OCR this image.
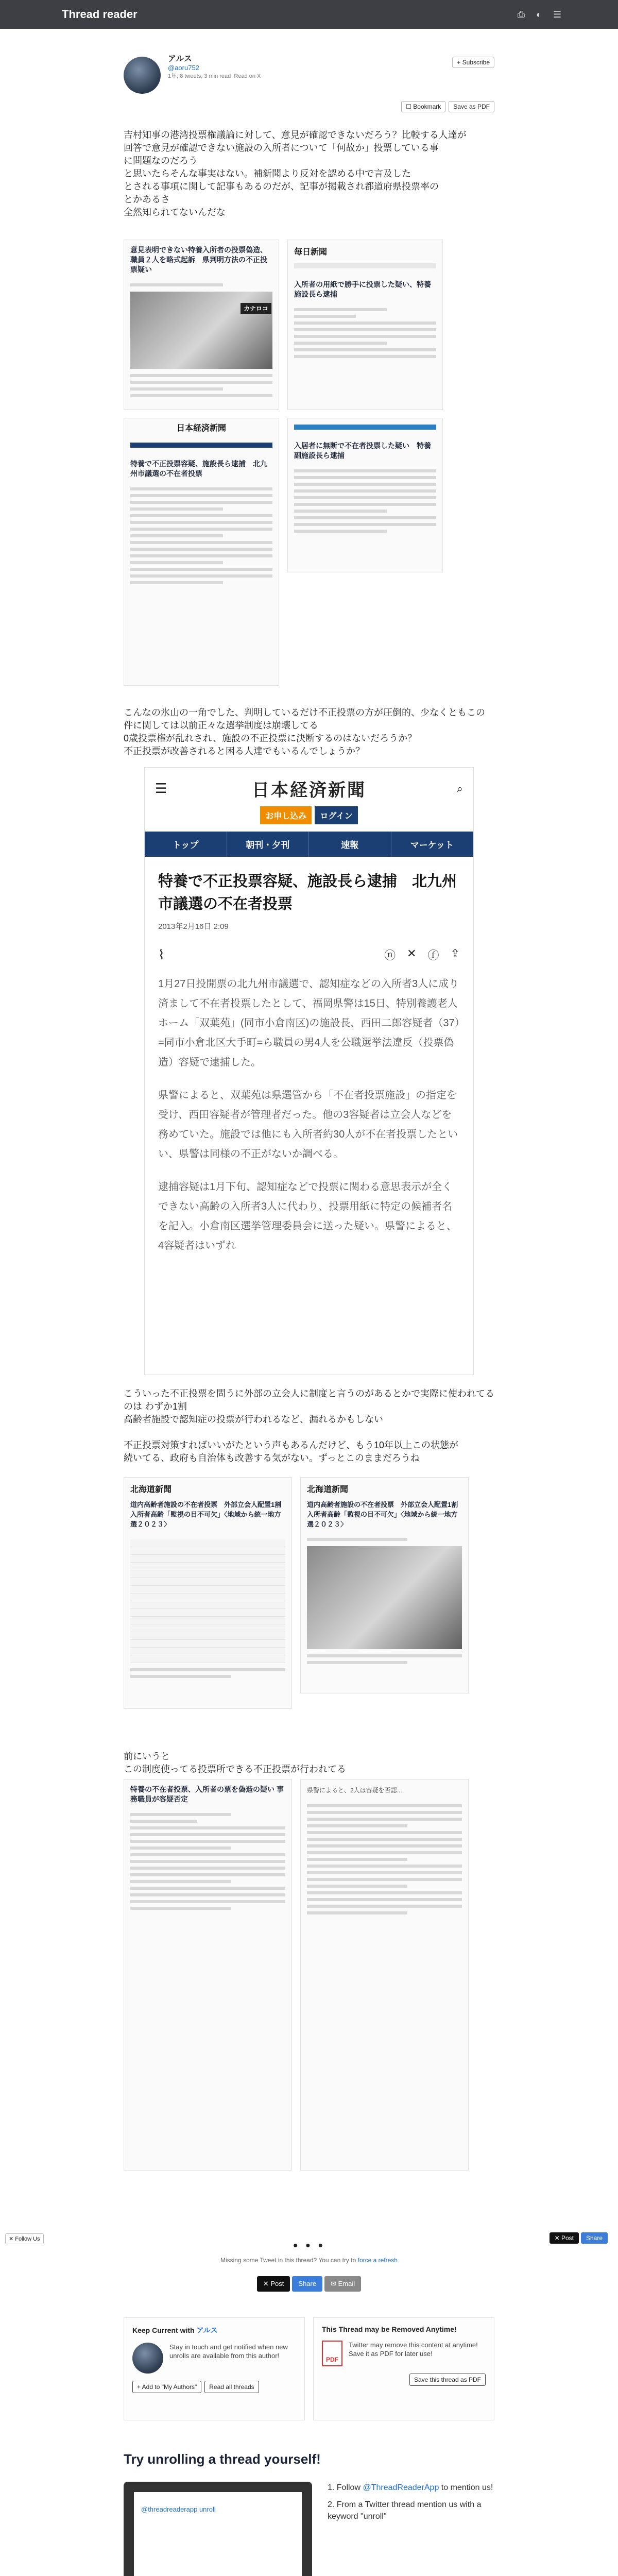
Thread reader	⎙ ◐ ☰
アルス
@aoru752
1年, 8 tweets, 3 min read Read on X
+ Subscribe
☐ Bookmark	Save as PDF
吉村知事の港湾投票権議論に対して、意見が確認できないだろう？比較する人達が
回答で意見が確認できない施設の入所者について「何故か」投票している事
に問題なのだろう
と思いたらそんな事実はない。補新聞より反対を認める中で言及した
とされる事項に関して記事もあるのだが、記事が掲載され都道府県投票率の
とかあるさ
全然知られてないんだな
意見表明できない特養入所者の投票偽造、職員２人を略式起訴　県判明方法の不正投票疑い
カナロコ
毎日新聞
入所者の用紙で勝手に投票した疑い、特養施設長ら逮捕
日本経済新聞
特養で不正投票容疑、施設長ら逮捕　北九州市議選の不在者投票
入居者に無断で不在者投票した疑い　特養副施設長ら逮捕
こんなの氷山の一角でした、判明しているだけ不正投票の方が圧倒的、少なくともこの
件に関しては以前正々な選挙制度は崩壊してる
0歳投票権が乱れされ、施設の不正投票に決断するのはないだろうか？
不正投票が改善されると困る人達でもいるんでしょうか？
☰	日本経済新聞	⌕
お申し込み	ログイン
トップ	朝刊・夕刊	速報	マーケット
特養で不正投票容疑、施設長ら逮捕　北九州市議選の不在者投票
2013年2月16日 2:09
⌇	ⓝ ✕ ⓕ ⇪

1月27日投開票の北九州市議選で、認知症などの入所者3人に成り済まして不在者投票したとして、福岡県警は15日、特別養護老人ホーム「双葉苑」(同市小倉南区)の施設長、西田二郎容疑者（37）=同市小倉北区大手町=ら職員の男4人を公職選挙法違反（投票偽造）容疑で逮捕した。

県警によると、双葉苑は県選管から「不在者投票施設」の指定を受け、西田容疑者が管理者だった。他の3容疑者は立会人などを務めていた。施設では他にも入所者約30人が不在者投票したといい、県警は同様の不正がないか調べる。

逮捕容疑は1月下旬、認知症などで投票に関わる意思表示が全くできない高齢の入所者3人に代わり、投票用紙に特定の候補者名を記入。小倉南区選挙管理委員会に送った疑い。県警によると、4容疑者はいずれ

こういった不正投票を問うに外部の立会人に制度と言うのがあるとかで実際に使われてる
のは わずか1割
高齢者施設で認知症の投票が行われるなど、漏れるかもしない

不正投票対策すればいいがたという声もあるんだけど、もう10年以上この状態が
続いてる、政府も自治体も改善する気がない。ずっとこのままだろうね
北海道新聞
道内高齢者施設の不在者投票　外部立会人配置1割　入所者高齢「監視の目不可欠」〈地域から統一地方選２０２３〉
北海道新聞
道内高齢者施設の不在者投票　外部立会人配置1割　入所者高齢「監視の目不可欠」〈地域から統一地方選２０２３〉
前にいうと
この制度使ってる投票所できる不正投票が行われてる
特養の不在者投票、入所者の票を偽造の疑い 事務職員が容疑否定
県警によると、2人は容疑を否認...
• • •
Missing some Tweet in this thread? You can try to force a refresh
✕ Post	Share	✉ Email
Keep Current with アルス
Stay in touch and get notified when new unrolls are available from this author!
+ Add to "My Authors"	Read all threads
This Thread may be Removed Anytime!
PDF
Twitter may remove this content at anytime! Save it as PDF for later use!
Save this thread as PDF
Try unrolling a thread yourself!
@threadreaderapp unroll
1. Follow @ThreadReaderApp to mention us!
2. From a Twitter thread mention us with a keyword "unroll"
✕ Follow Us	✕ Post	Share
